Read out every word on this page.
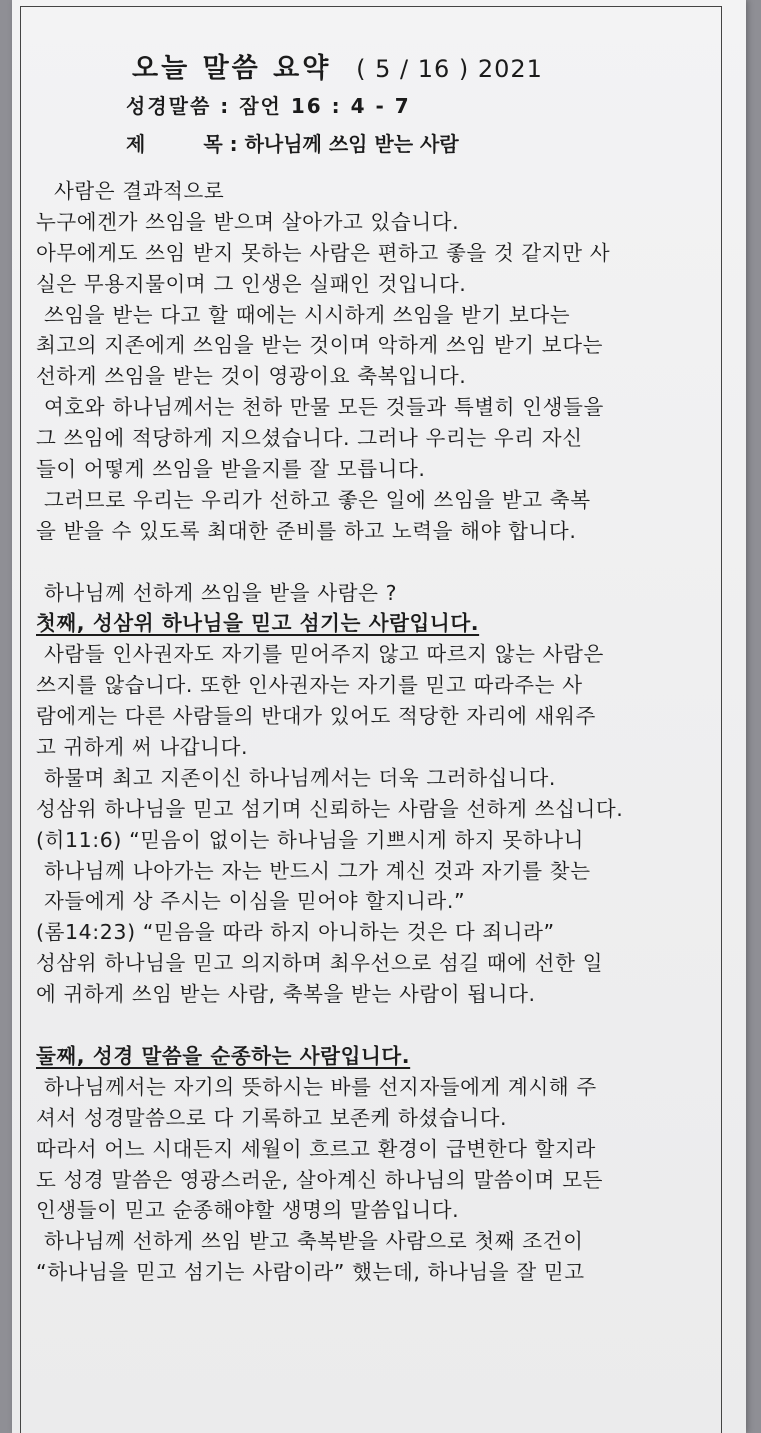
오늘 말씀 요약 ( 5 / 16 ) 2021
성경말씀 : 잠언 16 : 4 - 7
제	목 : 하나님께 쓰임 받는 사람
사람은 결과적으로
누구에겐가 쓰임을 받으며 살아가고 있습니다.
아무에게도 쓰임 받지 못하는 사람은 편하고 좋을 것 같지만 사
실은 무용지물이며 그 인생은 실패인 것입니다.
쓰임을 받는 다고 할 때에는 시시하게 쓰임을 받기 보다는
최고의 지존에게 쓰임을 받는 것이며 악하게 쓰임 받기 보다는
선하게 쓰임을 받는 것이 영광이요 축복입니다.
여호와 하나님께서는 천하 만물 모든 것들과 특별히 인생들을
그 쓰임에 적당하게 지으셨습니다. 그러나 우리는 우리 자신
들이 어떻게 쓰임을 받을지를 잘 모릅니다.
그러므로 우리는 우리가 선하고 좋은 일에 쓰임을 받고 축복
을 받을 수 있도록 최대한 준비를 하고 노력을 해야 합니다.
하나님께 선하게 쓰임을 받을 사람은 ?
첫째, 성삼위 하나님을 믿고 섬기는 사람입니다.
사람들 인사권자도 자기를 믿어주지 않고 따르지 않는 사람은
쓰지를 않습니다. 또한 인사권자는 자기를 믿고 따라주는 사
람에게는 다른 사람들의 반대가 있어도 적당한 자리에 새워주
고 귀하게 써 나갑니다.
하물며 최고 지존이신 하나님께서는 더욱 그러하십니다.
성삼위 하나님을 믿고 섬기며 신뢰하는 사람을 선하게 쓰십니다.
(히11:6) “믿음이 없이는 하나님을 기쁘시게 하지 못하나니
하나님께 나아가는 자는 반드시 그가 계신 것과 자기를 찾는
자들에게 상 주시는 이심을 믿어야 할지니라.”
(롬14:23) “믿음을 따라 하지 아니하는 것은 다 죄니라”
성삼위 하나님을 믿고 의지하며 최우선으로 섬길 때에 선한 일
에 귀하게 쓰임 받는 사람, 축복을 받는 사람이 됩니다.
둘째, 성경 말씀을 순종하는 사람입니다.
하나님께서는 자기의 뜻하시는 바를 선지자들에게 계시해 주
셔서 성경말씀으로 다 기록하고 보존케 하셨습니다.
따라서 어느 시대든지 세월이 흐르고 환경이 급변한다 할지라
도 성경 말씀은 영광스러운, 살아계신 하나님의 말씀이며 모든
인생들이 믿고 순종해야할 생명의 말씀입니다.
하나님께 선하게 쓰임 받고 축복받을 사람으로 첫째 조건이
“하나님을 믿고 섬기는 사람이라” 했는데, 하나님을 잘 믿고
